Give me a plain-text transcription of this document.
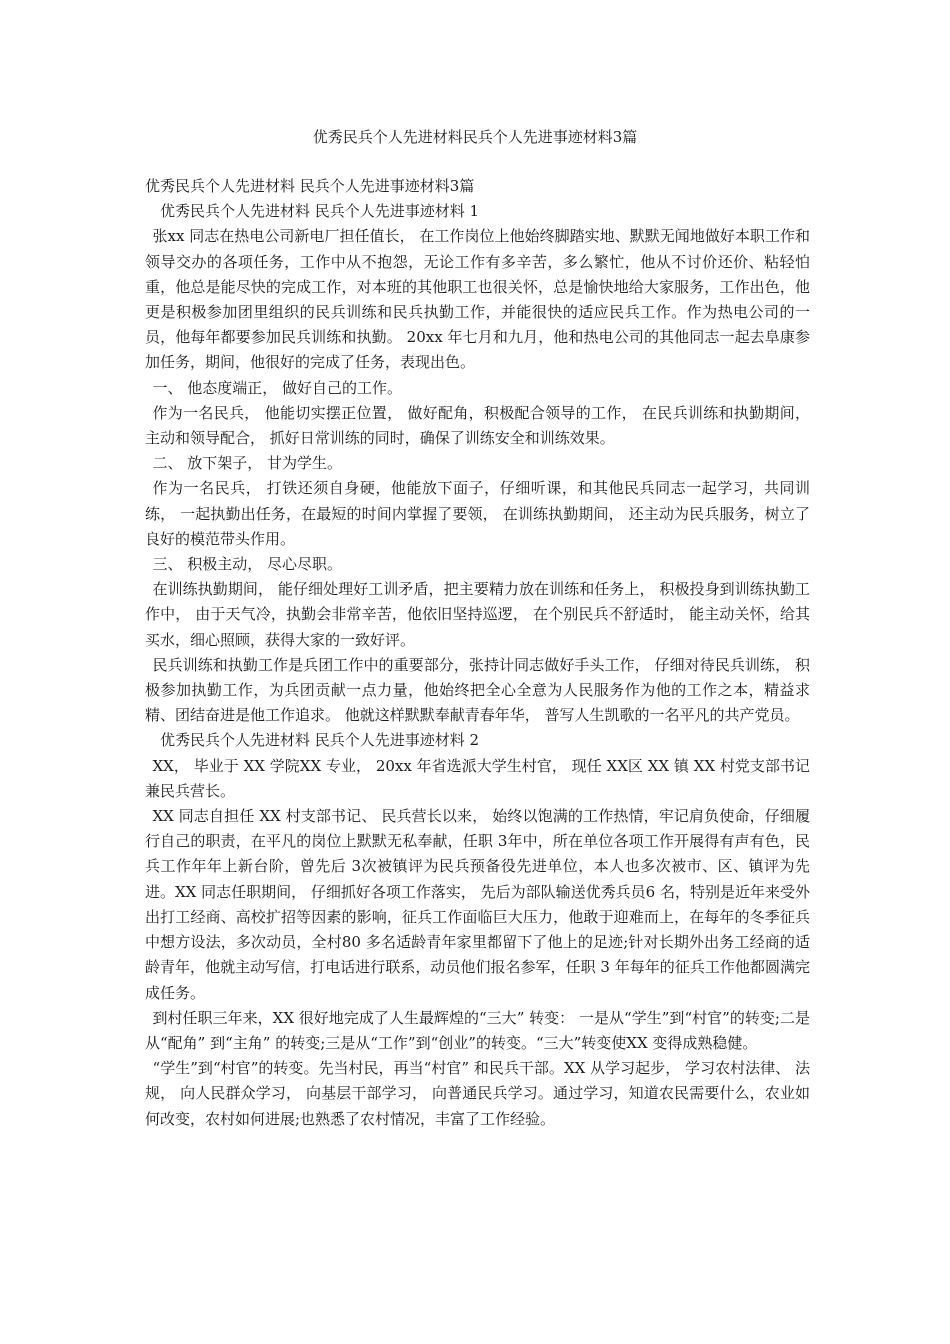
优秀民兵个人先进材料民兵个人先进事迹材料3篇

优秀民兵个人先进材料 民兵个人先进事迹材料3篇

优秀民兵个人先进材料 民兵个人先进事迹材料 1

张xx 同志在热电公司新电厂担任值长， 在工作岗位上他始终脚踏实地、默默无闻地做好本职工作和领导交办的各项任务，工作中从不抱怨，无论工作有多辛苦，多么繁忙，他从不讨价还价、粘轻怕重，他总是能尽快的完成工作，对本班的其他职工也很关怀，总是愉快地给大家服务，工作出色，他更是积极参加团里组织的民兵训练和民兵执勤工作，并能很快的适应民兵工作。作为热电公司的一员，他每年都要参加民兵训练和执勤。 20xx 年七月和九月，他和热电公司的其他同志一起去阜康参加任务，期间，他很好的完成了任务，表现出色。

一、 他态度端正， 做好自己的工作。

作为一名民兵， 他能切实摆正位置， 做好配角，积极配合领导的工作， 在民兵训练和执勤期间， 主动和领导配合， 抓好日常训练的同时，确保了训练安全和训练效果。

二、 放下架子， 甘为学生。

作为一名民兵， 打铁还须自身硬，他能放下面子，仔细听课，和其他民兵同志一起学习，共同训练， 一起执勤出任务，在最短的时间内掌握了要领， 在训练执勤期间， 还主动为民兵服务，树立了良好的模范带头作用。

三、 积极主动， 尽心尽职。

在训练执勤期间， 能仔细处理好工训矛盾，把主要精力放在训练和任务上， 积极投身到训练执勤工作中， 由于天气冷，执勤会非常辛苦，他依旧坚持巡逻， 在个别民兵不舒适时， 能主动关怀，给其买水，细心照顾，获得大家的一致好评。

民兵训练和执勤工作是兵团工作中的重要部分，张持计同志做好手头工作， 仔细对待民兵训练， 积极参加执勤工作，为兵团贡献一点力量，他始终把全心全意为人民服务作为他的工作之本，精益求精、团结奋进是他工作追求。 他就这样默默奉献青春年华， 普写人生凯歌的一名平凡的共产党员。

优秀民兵个人先进材料 民兵个人先进事迹材料 2

XX， 毕业于 XX 学院XX 专业， 20xx 年省选派大学生村官， 现任 XX区 XX 镇 XX 村党支部书记兼民兵营长。

XX 同志自担任 XX 村支部书记、 民兵营长以来， 始终以饱满的工作热情，牢记肩负使命，仔细履行自己的职责，在平凡的岗位上默默无私奉献，任职 3年中，所在单位各项工作开展得有声有色，民兵工作年年上新台阶，曾先后 3次被镇评为民兵预备役先进单位，本人也多次被市、区、镇评为先进。XX 同志任职期间， 仔细抓好各项工作落实， 先后为部队输送优秀兵员6 名，特别是近年来受外出打工经商、高校扩招等因素的影响，征兵工作面临巨大压力，他敢于迎难而上，在每年的冬季征兵中想方设法，多次动员，全村80 多名适龄青年家里都留下了他上的足迹;针对长期外出务工经商的适龄青年，他就主动写信，打电话进行联系，动员他们报名参军，任职 3 年每年的征兵工作他都圆满完成任务。

到村任职三年来，XX 很好地完成了人生最辉煌的“三大” 转变： 一是从“学生”到“村官”的转变;二是从“配角” 到“主角” 的转变;三是从“工作”到“创业”的转变。“三大”转变使XX 变得成熟稳健。

“学生”到“村官”的转变。先当村民，再当“村官” 和民兵干部。XX 从学习起步， 学习农村法律、 法规， 向人民群众学习， 向基层干部学习， 向普通民兵学习。通过学习，知道农民需要什么，农业如何改变，农村如何进展;也熟悉了农村情况，丰富了工作经验。
